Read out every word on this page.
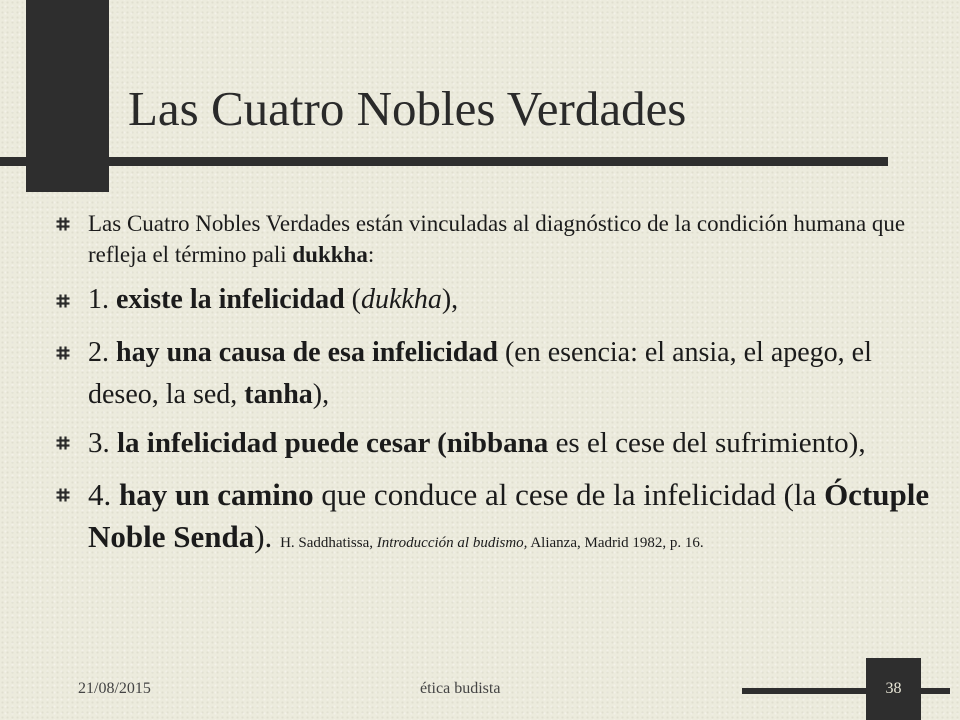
Las Cuatro Nobles Verdades
Las Cuatro Nobles Verdades están vinculadas al diagnóstico de la condición humana que refleja el término pali dukkha:
1. existe la infelicidad (dukkha),
2. hay una causa de esa infelicidad (en esencia: el ansia, el apego, el deseo, la sed, tanha),
3. la infelicidad puede cesar (nibbana es el cese del sufrimiento),
4. hay un camino que conduce al cese de la infelicidad (la Óctuple Noble Senda). H. Saddhatissa, Introducción al budismo, Alianza, Madrid 1982, p. 16.
21/08/2015	ética budista	38
